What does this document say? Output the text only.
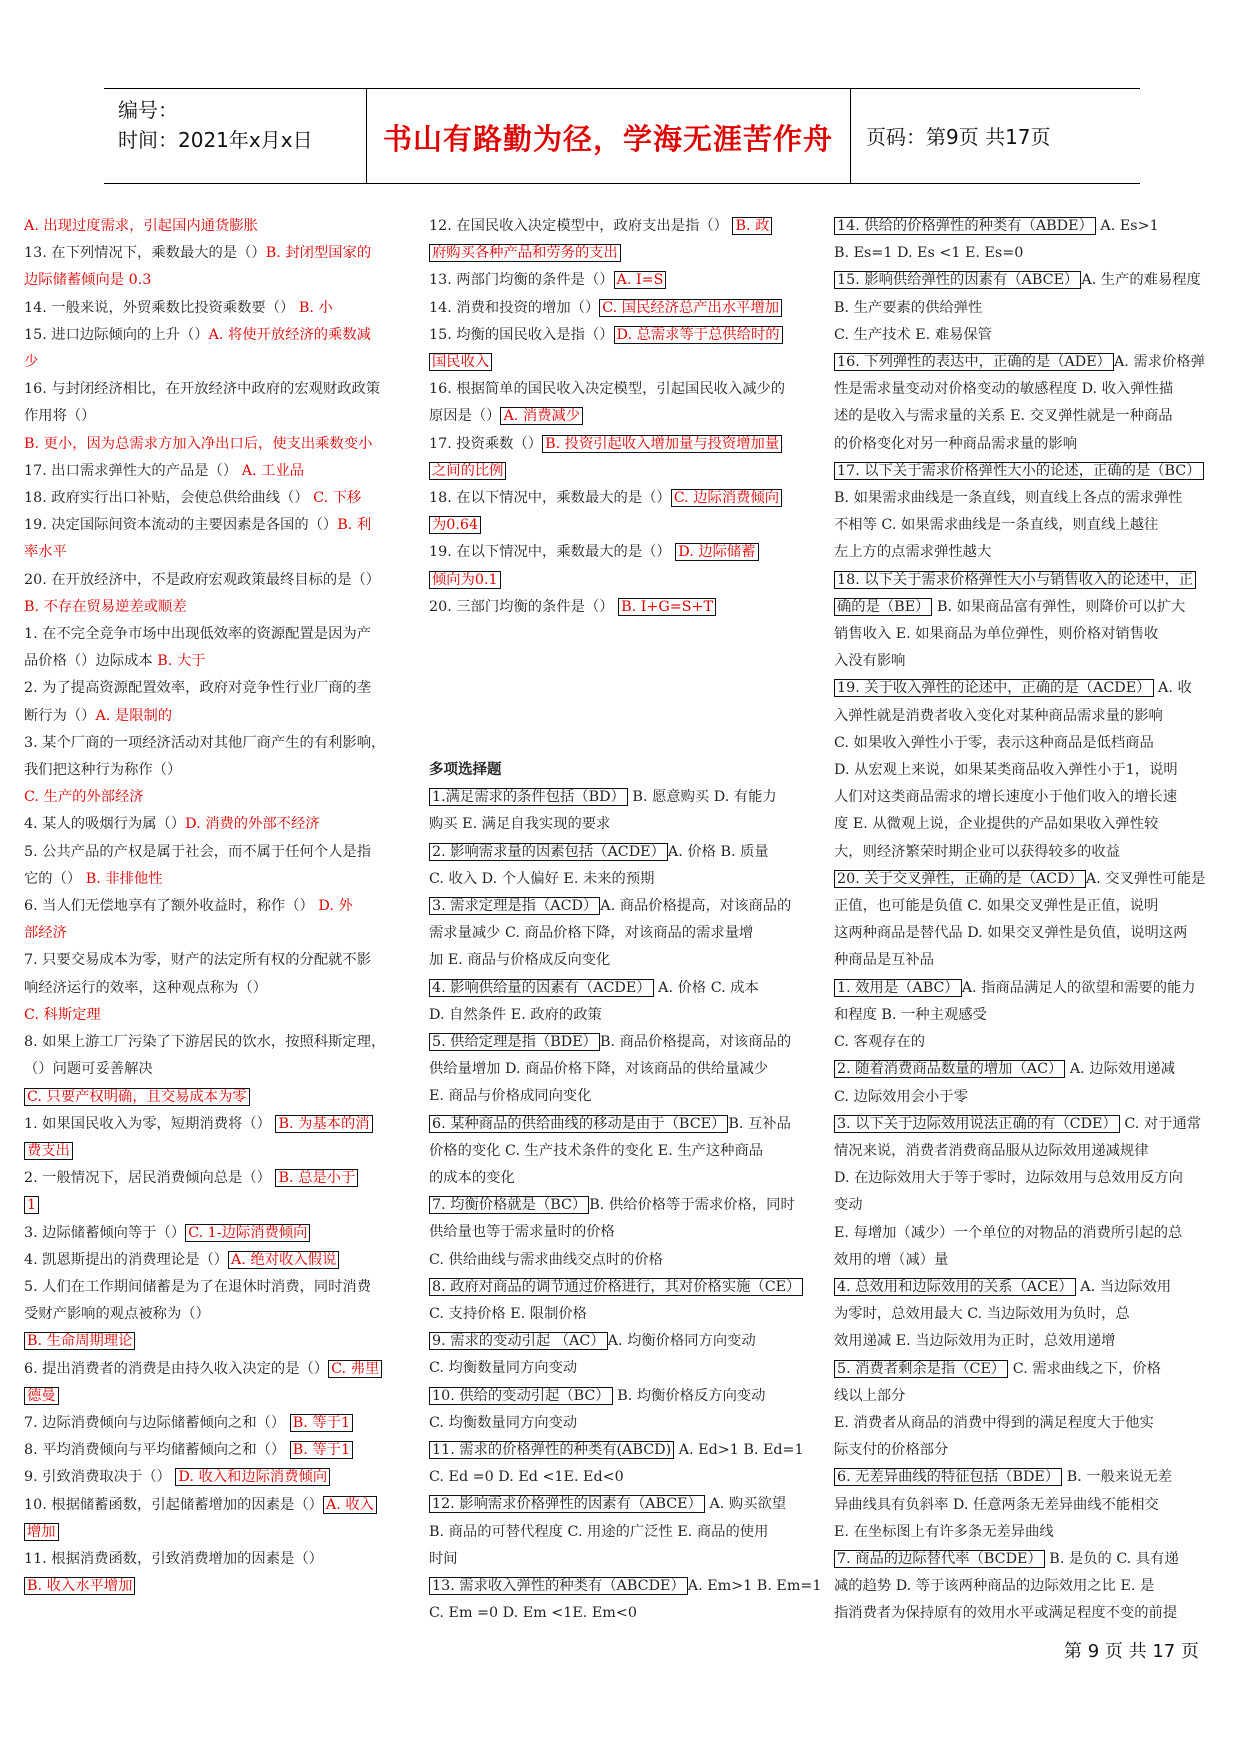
编号：
时间：2021年x月x日	书山有路勤为径，学海无涯苦作舟	页码：第9页 共17页

A. 出现过度需求，引起国内通货膨胀

13. 在下列情况下，乘数最大的是（）B. 封闭型国家的

边际储蓄倾向是 0.3

14. 一般来说，外贸乘数比投资乘数要（） B. 小

15. 进口边际倾向的上升（）A. 将使开放经济的乘数减

少

16. 与封闭经济相比，在开放经济中政府的宏观财政政策

作用将（）

B. 更小，因为总需求方加入净出口后，使支出乘数变小

17. 出口需求弹性大的产品是（） A. 工业品

18. 政府实行出口补贴，会使总供给曲线（） C. 下移

19. 决定国际间资本流动的主要因素是各国的（）B. 利

率水平

20. 在开放经济中，不是政府宏观政策最终目标的是（）

B. 不存在贸易逆差或顺差

1. 在不完全竞争市场中出现低效率的资源配置是因为产

品价格（）边际成本 B. 大于

2. 为了提高资源配置效率，政府对竞争性行业厂商的垄

断行为（）A. 是限制的

3. 某个厂商的一项经济活动对其他厂商产生的有利影响，

我们把这种行为称作（）

C. 生产的外部经济

4. 某人的吸烟行为属（）D. 消费的外部不经济

5. 公共产品的产权是属于社会，而不属于任何个人是指

它的（） B. 非排他性

6. 当人们无偿地享有了额外收益时，称作（） D. 外

部经济

7. 只要交易成本为零，财产的法定所有权的分配就不影

响经济运行的效率，这种观点称为（）

C. 科斯定理

8. 如果上游工厂污染了下游居民的饮水，按照科斯定理，

（）问题可妥善解决

C. 只要产权明确，且交易成本为零

1. 如果国民收入为零，短期消费将（） B. 为基本的消

费支出

2. 一般情况下，居民消费倾向总是（） B. 总是小于

1

3. 边际储蓄倾向等于（） C. 1-边际消费倾向

4. 凯恩斯提出的消费理论是（） A. 绝对收入假说

5. 人们在工作期间储蓄是为了在退休时消费，同时消费

受财产影响的观点被称为（）

B. 生命周期理论

6. 提出消费者的消费是由持久收入决定的是（） C. 弗里

德曼

7. 边际消费倾向与边际储蓄倾向之和（） B. 等于1

8. 平均消费倾向与平均储蓄倾向之和（） B. 等于1

9. 引致消费取决于（） D. 收入和边际消费倾向

10. 根据储蓄函数，引起储蓄增加的因素是（） A. 收入

增加

11. 根据消费函数，引致消费增加的因素是（）

B. 收入水平增加

12. 在国民收入决定模型中，政府支出是指（） B. 政

府购买各种产品和劳务的支出

13. 两部门均衡的条件是（） A. I=S

14. 消费和投资的增加（） C. 国民经济总产出水平增加

15. 均衡的国民收入是指（） D. 总需求等于总供给时的

国民收入

16. 根据简单的国民收入决定模型，引起国民收入减少的

原因是（） A. 消费减少

17. 投资乘数（） B. 投资引起收入增加量与投资增加量

之间的比例

18. 在以下情况中，乘数最大的是（） C. 边际消费倾向

为0.64

19. 在以下情况中，乘数最大的是（） D. 边际储蓄

倾向为0.1

20. 三部门均衡的条件是（） B. I+G=S+T

多项选择题

1.满足需求的条件包括（BD） B. 愿意购买 D. 有能力

购买 E. 满足自我实现的要求

2. 影响需求量的因素包括（ACDE） A. 价格 B. 质量

C. 收入 D. 个人偏好 E. 未来的预期

3. 需求定理是指（ACD） A. 商品价格提高，对该商品的

需求量减少 C. 商品价格下降，对该商品的需求量增

加 E. 商品与价格成反向变化

4. 影响供给量的因素有（ACDE） A. 价格 C. 成本

D. 自然条件 E. 政府的政策

5. 供给定理是指（BDE） B. 商品价格提高，对该商品的

供给量增加 D. 商品价格下降，对该商品的供给量减少

E. 商品与价格成同向变化

6. 某种商品的供给曲线的移动是由于（BCE） B. 互补品

价格的变化 C. 生产技术条件的变化 E. 生产这种商品

的成本的变化

7. 均衡价格就是（BC） B. 供给价格等于需求价格，同时

供给量也等于需求量时的价格

C. 供给曲线与需求曲线交点时的价格

8. 政府对商品的调节通过价格进行，其对价格实施（CE）

C. 支持价格 E. 限制价格

9. 需求的变动引起 （AC） A. 均衡价格同方向变动

C. 均衡数量同方向变动

10. 供给的变动引起（BC） B. 均衡价格反方向变动

C. 均衡数量同方向变动

11. 需求的价格弹性的种类有(ABCD) A. Ed>1 B. Ed=1

C. Ed =0 D. Ed <1E. Ed<0

12. 影响需求价格弹性的因素有（ABCE） A. 购买欲望

B. 商品的可替代程度 C. 用途的广泛性 E. 商品的使用

时间

13. 需求收入弹性的种类有（ABCDE） A. Em>1 B. Em=1

C. Em =0 D. Em <1E. Em<0

14. 供给的价格弹性的种类有（ABDE） A. Es>1

B. Es=1 D. Es <1 E. Es=0

15. 影响供给弹性的因素有（ABCE） A. 生产的难易程度

B. 生产要素的供给弹性

C. 生产技术 E. 难易保管

16. 下列弹性的表达中，正确的是（ADE） A. 需求价格弹

性是需求量变动对价格变动的敏感程度 D. 收入弹性描

述的是收入与需求量的关系 E. 交叉弹性就是一种商品

的价格变化对另一种商品需求量的影响

17. 以下关于需求价格弹性大小的论述，正确的是（BC）

B. 如果需求曲线是一条直线，则直线上各点的需求弹性

不相等 C. 如果需求曲线是一条直线，则直线上越往

左上方的点需求弹性越大

18. 以下关于需求价格弹性大小与销售收入的论述中，正

确的是（BE） B. 如果商品富有弹性，则降价可以扩大

销售收入 E. 如果商品为单位弹性，则价格对销售收

入没有影响

19. 关于收入弹性的论述中，正确的是（ACDE） A. 收

入弹性就是消费者收入变化对某种商品需求量的影响

C. 如果收入弹性小于零，表示这种商品是低档商品

D. 从宏观上来说，如果某类商品收入弹性小于1，说明

人们对这类商品需求的增长速度小于他们收入的增长速

度 E. 从微观上说，企业提供的产品如果收入弹性较

大，则经济繁荣时期企业可以获得较多的收益

20. 关于交叉弹性，正确的是（ACD） A. 交叉弹性可能是

正值，也可能是负值 C. 如果交叉弹性是正值，说明

这两种商品是替代品 D. 如果交叉弹性是负值，说明这两

种商品是互补品

1. 效用是（ABC） A. 指商品满足人的欲望和需要的能力

和程度 B. 一种主观感受

C. 客观存在的

2. 随着消费商品数量的增加（AC） A. 边际效用递减

C. 边际效用会小于零

3. 以下关于边际效用说法正确的有（CDE） C. 对于通常

情况来说，消费者消费商品服从边际效用递减规律

D. 在边际效用大于等于零时，边际效用与总效用反方向

变动

E. 每增加（减少）一个单位的对物品的消费所引起的总

效用的增（减）量

4. 总效用和边际效用的关系（ACE） A. 当边际效用

为零时，总效用最大 C. 当边际效用为负时，总

效用递减 E. 当边际效用为正时，总效用递增

5. 消费者剩余是指（CE） C. 需求曲线之下，价格

线以上部分

E. 消费者从商品的消费中得到的满足程度大于他实

际支付的价格部分

6. 无差异曲线的特征包括（BDE） B. 一般来说无差

异曲线具有负斜率 D. 任意两条无差异曲线不能相交

E. 在坐标图上有许多条无差异曲线

7. 商品的边际替代率（BCDE） B. 是负的 C. 具有递

减的趋势 D. 等于该两种商品的边际效用之比 E. 是

指消费者为保持原有的效用水平或满足程度不变的前提

第 9 页 共 17 页
